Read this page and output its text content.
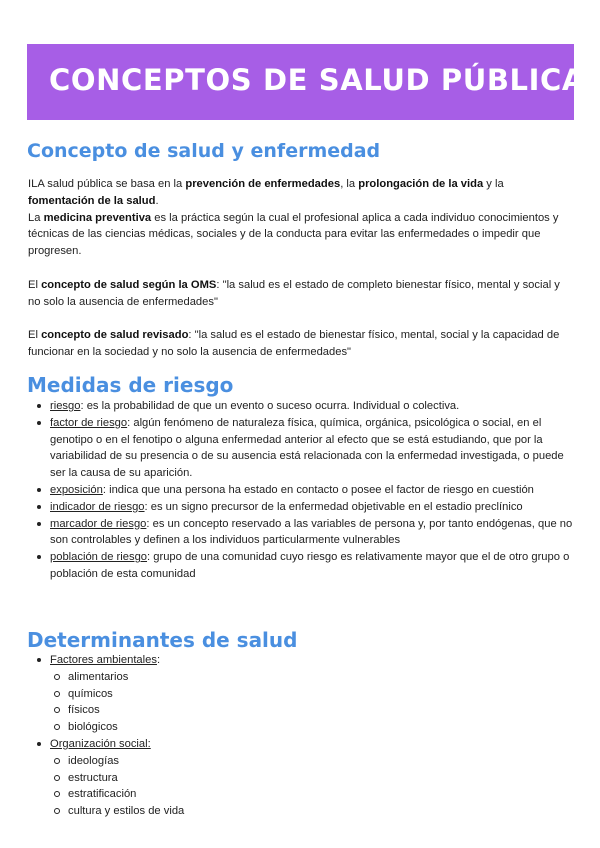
CONCEPTOS DE SALUD PÚBLICA
Concepto de salud y enfermedad

ILA salud pública se basa en la prevención de enfermedades, la prolongación de la vida y la fomentación de la salud.

La medicina preventiva es la práctica según la cual el profesional aplica a cada individuo conocimientos y técnicas de las ciencias médicas, sociales y de la conducta para evitar las enfermedades o impedir que progresen.

El concepto de salud según la OMS: "la salud es el estado de completo bienestar físico, mental y social y no solo la ausencia de enfermedades"

El concepto de salud revisado: "la salud es el estado de bienestar físico, mental, social y la capacidad de funcionar en la sociedad y no solo la ausencia de enfermedades"

Medidas de riesgo
riesgo: es la probabilidad de que un evento o suceso ocurra. Individual o colectiva.
factor de riesgo: algún fenómeno de naturaleza física, química, orgánica, psicológica o social, en el genotipo o en el fenotipo o alguna enfermedad anterior al efecto que se está estudiando, que por la variabilidad de su presencia o de su ausencia está relacionada con la enfermedad investigada, o puede ser la causa de su aparición.
exposición: indica que una persona ha estado en contacto o posee el factor de riesgo en cuestión
indicador de riesgo: es un signo precursor de la enfermedad objetivable en el estadio preclínico
marcador de riesgo: es un concepto reservado a las variables de persona y, por tanto endógenas, que no son controlables y definen a los individuos particularmente vulnerables
población de riesgo: grupo de una comunidad cuyo riesgo es relativamente mayor que el de otro grupo o población de esta comunidad
Determinantes de salud
Factores ambientales:
alimentarios
químicos
físicos
biológicos
Organización social:
ideologías
estructura
estratificación
cultura y estilos de vida
